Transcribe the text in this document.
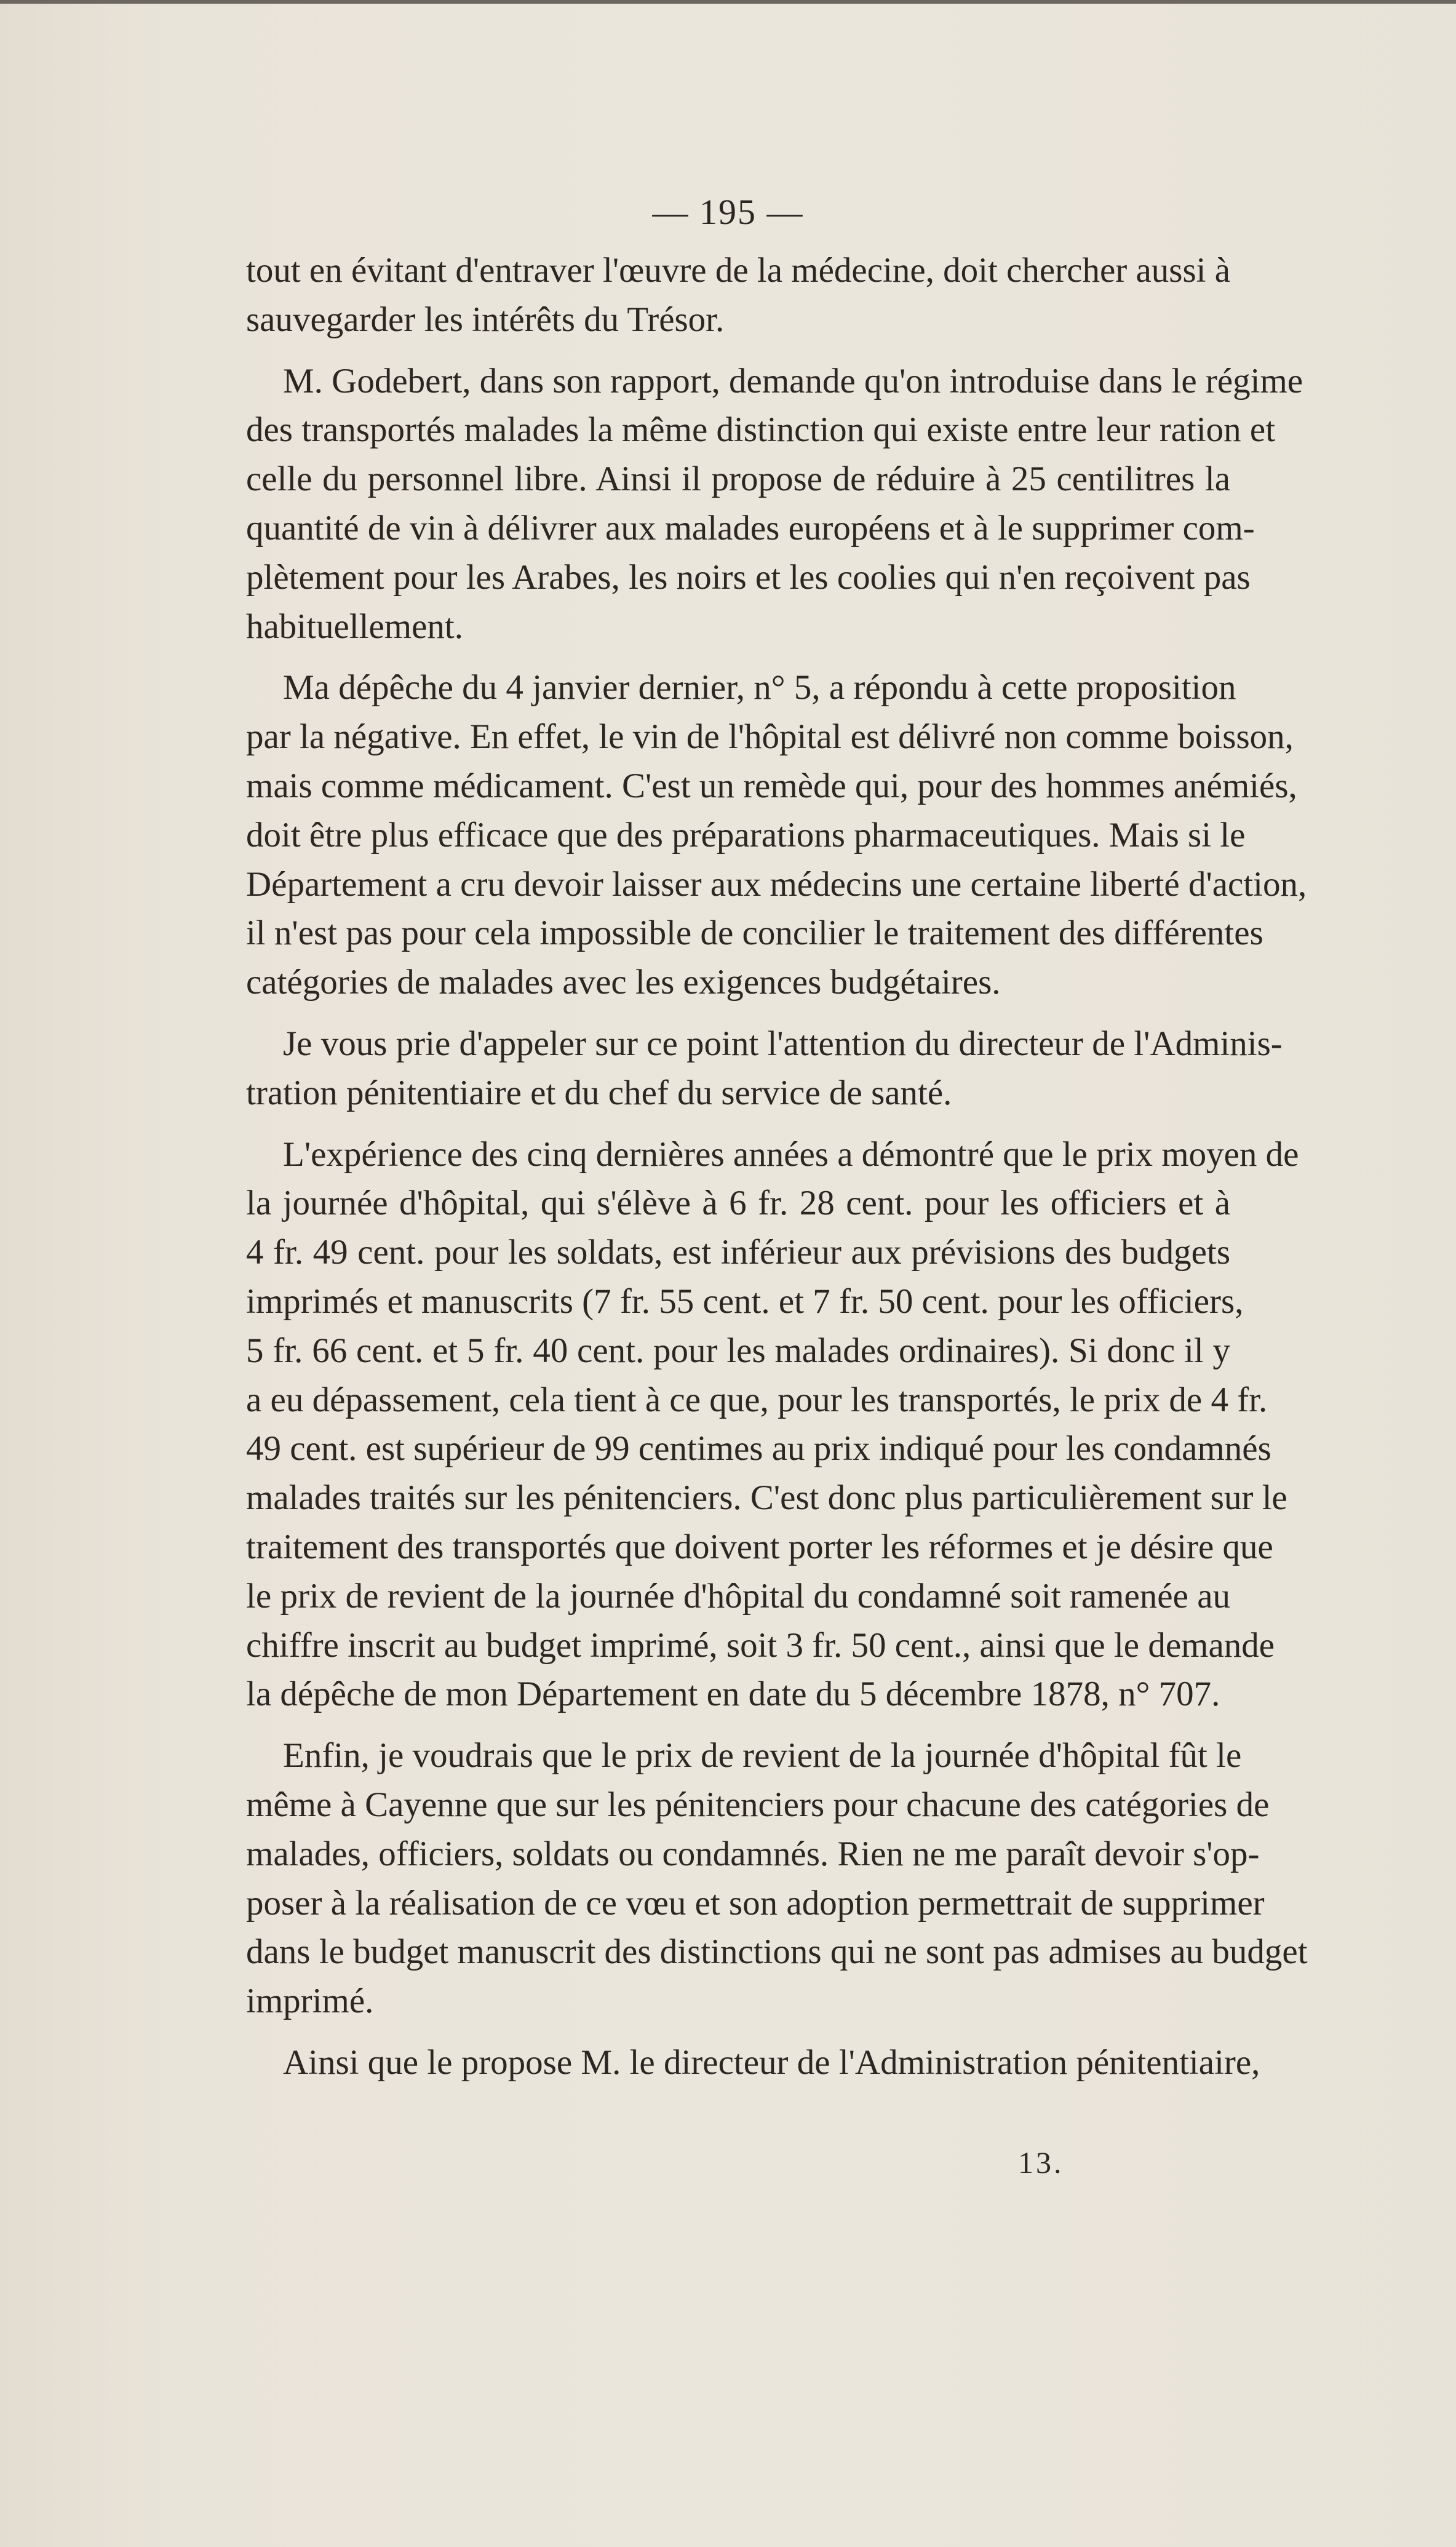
— 195 —
tout en évitant d'entraver l'œuvre de la médecine, doit chercher aussi à
sauvegarder les intérêts du Trésor.
M. Godebert, dans son rapport, demande qu'on introduise dans le régime
des transportés malades la même distinction qui existe entre leur ration et
celle du personnel libre. Ainsi il propose de réduire à 25 centilitres la
quantité de vin à délivrer aux malades européens et à le supprimer com-
plètement pour les Arabes, les noirs et les coolies qui n'en reçoivent pas
habituellement.
Ma dépêche du 4 janvier dernier, n° 5, a répondu à cette proposition
par la négative. En effet, le vin de l'hôpital est délivré non comme boisson,
mais comme médicament. C'est un remède qui, pour des hommes anémiés,
doit être plus efficace que des préparations pharmaceutiques. Mais si le
Département a cru devoir laisser aux médecins une certaine liberté d'action,
il n'est pas pour cela impossible de concilier le traitement des différentes
catégories de malades avec les exigences budgétaires.
Je vous prie d'appeler sur ce point l'attention du directeur de l'Adminis-
tration pénitentiaire et du chef du service de santé.
L'expérience des cinq dernières années a démontré que le prix moyen de
la journée d'hôpital, qui s'élève à 6 fr. 28 cent. pour les officiers et à
4 fr. 49 cent. pour les soldats, est inférieur aux prévisions des budgets
imprimés et manuscrits (7 fr. 55 cent. et 7 fr. 50 cent. pour les officiers,
5 fr. 66 cent. et 5 fr. 40 cent. pour les malades ordinaires). Si donc il y
a eu dépassement, cela tient à ce que, pour les transportés, le prix de 4 fr.
49 cent. est supérieur de 99 centimes au prix indiqué pour les condamnés
malades traités sur les pénitenciers. C'est donc plus particulièrement sur le
traitement des transportés que doivent porter les réformes et je désire que
le prix de revient de la journée d'hôpital du condamné soit ramenée au
chiffre inscrit au budget imprimé, soit 3 fr. 50 cent., ainsi que le demande
la dépêche de mon Département en date du 5 décembre 1878, n° 707.
Enfin, je voudrais que le prix de revient de la journée d'hôpital fût le
même à Cayenne que sur les pénitenciers pour chacune des catégories de
malades, officiers, soldats ou condamnés. Rien ne me paraît devoir s'op-
poser à la réalisation de ce vœu et son adoption permettrait de supprimer
dans le budget manuscrit des distinctions qui ne sont pas admises au budget
imprimé.
Ainsi que le propose M. le directeur de l'Administration pénitentiaire,
13.
